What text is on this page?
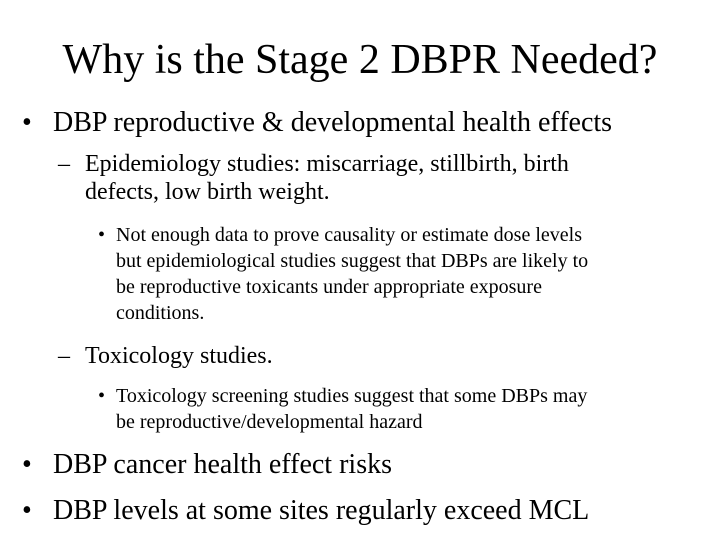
Why is the Stage 2 DBPR Needed?
• DBP reproductive & developmental health effects
– Epidemiology studies: miscarriage, stillbirth, birth
defects, low birth weight.
• Not enough data to prove causality or estimate dose levels
but epidemiological studies suggest that DBPs are likely to
be reproductive toxicants under appropriate exposure
conditions.
– Toxicology studies.
• Toxicology screening studies suggest that some DBPs may
be reproductive/developmental hazard
• DBP cancer health effect risks
• DBP levels at some sites regularly exceed MCL
